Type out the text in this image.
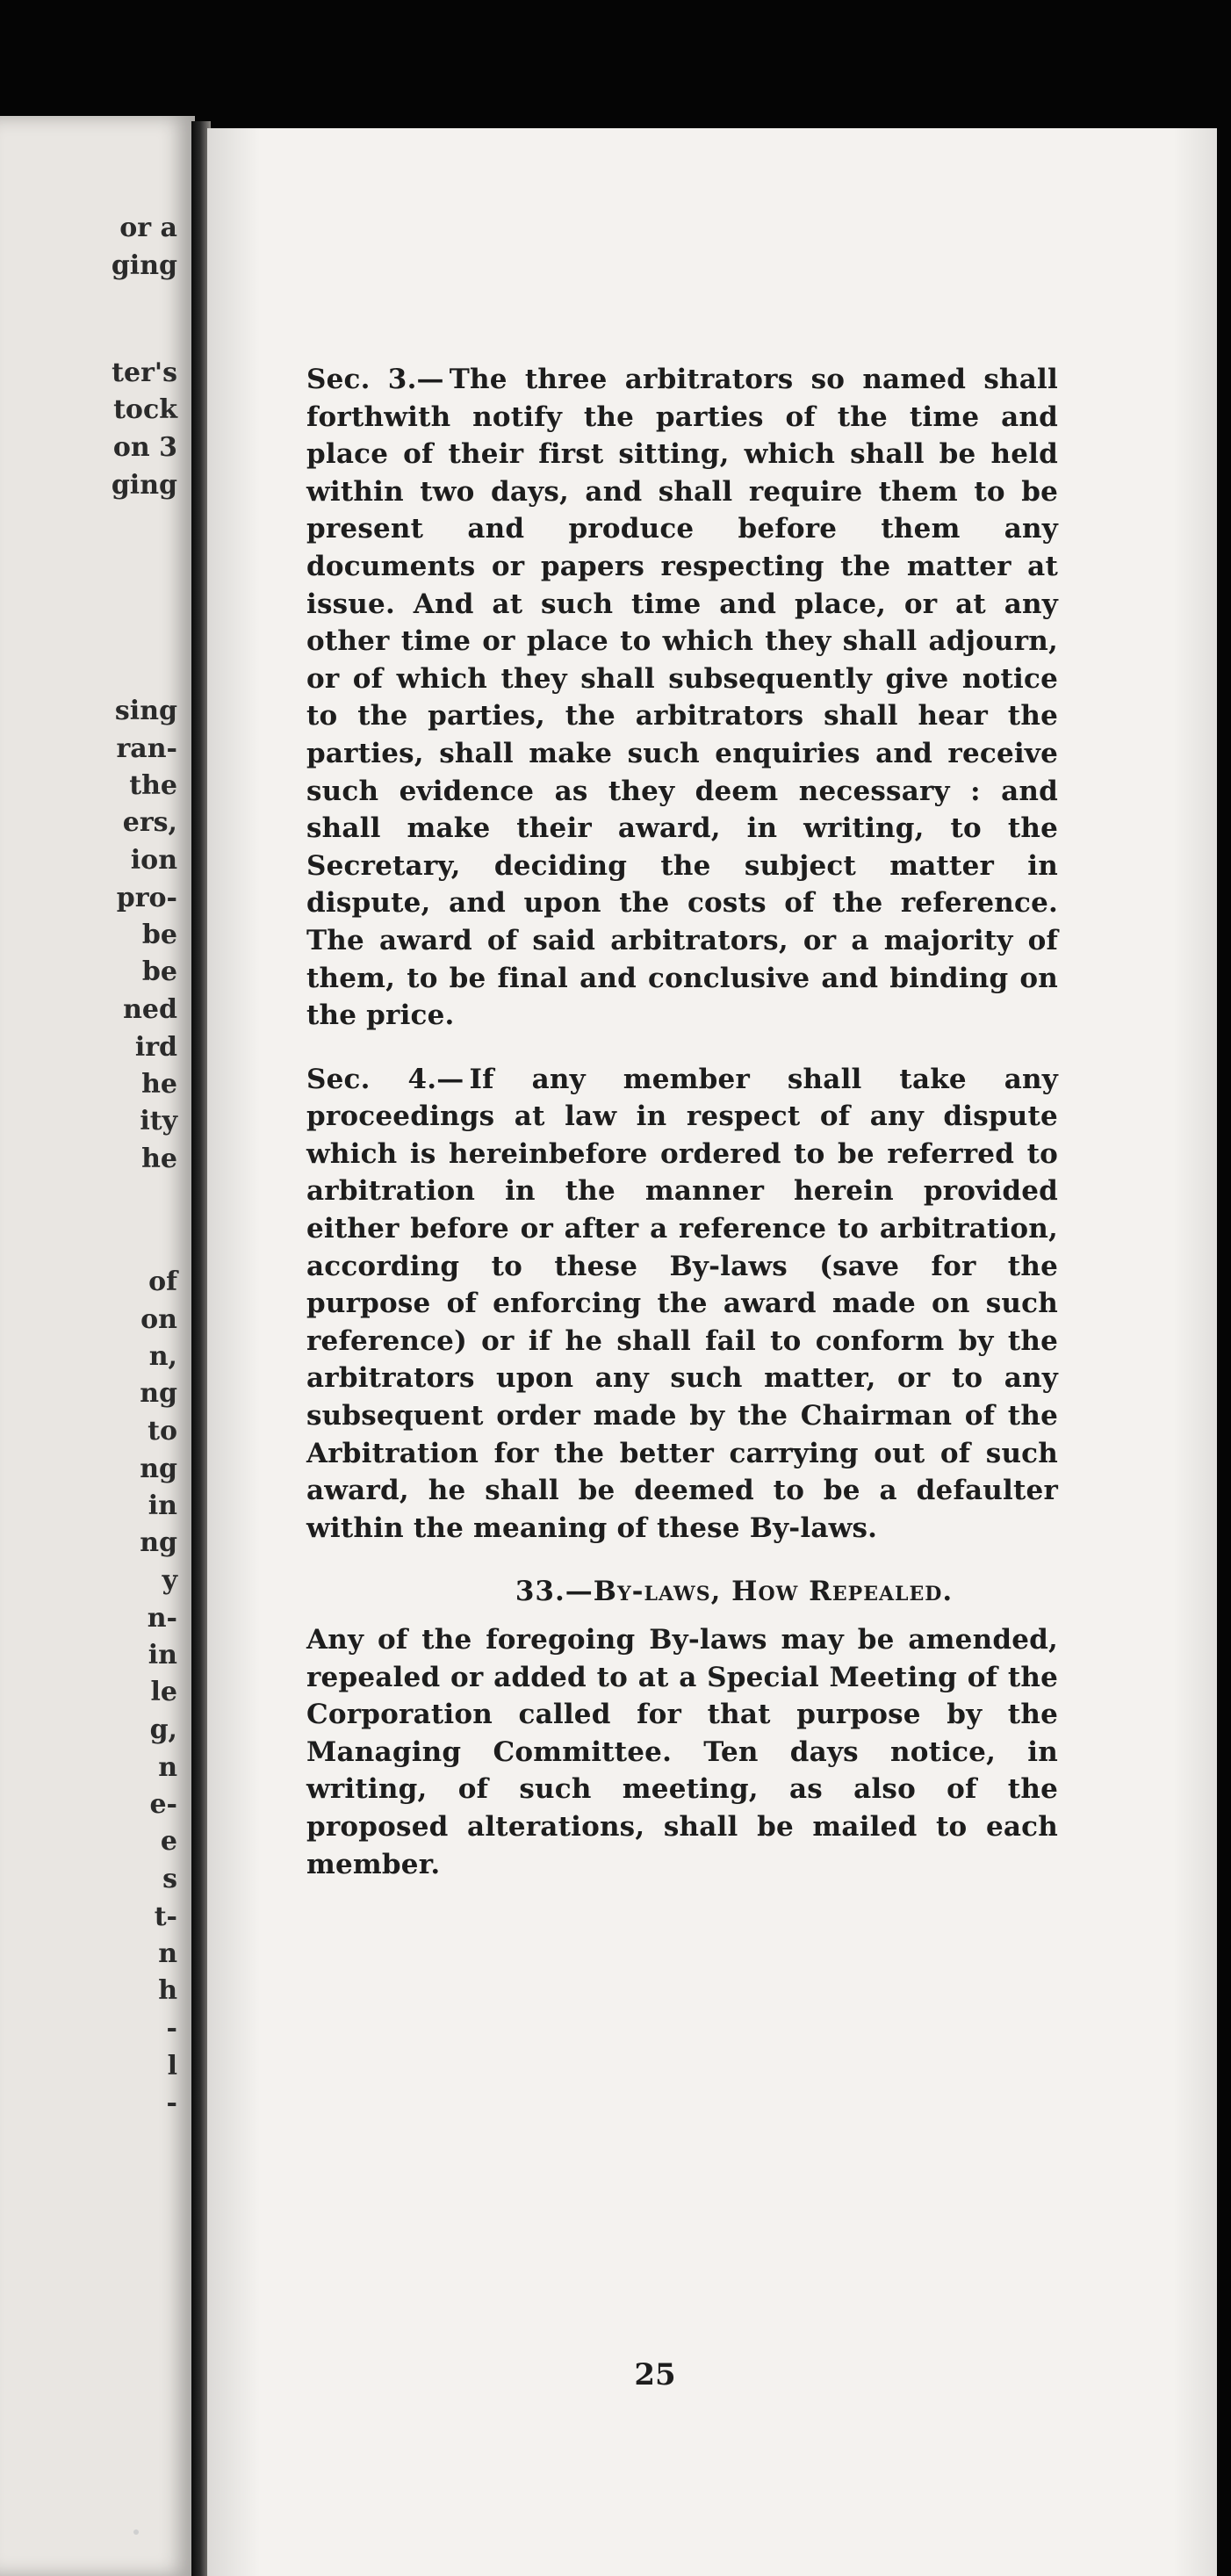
or a
ging
ter's
tock
on 3
ging
sing
ran-
the
ers,
ion
pro-
be
be
ned
ird
he
ity
he
of
on
n,
ng
to
ng
in
ng
y
n-
in
le
g,
n
e-
e
s
t-
n
h
-
l
-

Sec. 3.— The three arbitrators so named shall forthwith notify the parties of the time and place of their first sitting, which shall be held within two days, and shall require them to be present and produce before them any documents or papers respecting the matter at issue. And at such time and place, or at any other time or place to which they shall adjourn, or of which they shall subsequently give notice to the parties, the arbitrators shall hear the parties, shall make such enquiries and receive such evidence as they deem necessary : and shall make their award, in writing, to the Secretary, deciding the subject matter in dispute, and upon the costs of the reference. The award of said arbitrators, or a majority of them, to be final and conclusive and binding on the price.

Sec. 4.— If any member shall take any proceedings at law in respect of any dispute which is hereinbefore ordered to be referred to arbitration in the manner herein provided either before or after a reference to arbitration, according to these By-laws (save for the purpose of enforcing the award made on such reference) or if he shall fail to conform by the arbitrators upon any such matter, or to any subsequent order made by the Chairman of the Arbitration for the better carrying out of such award, he shall be deemed to be a defaulter within the meaning of these By-laws.

33.—By-laws, How Repealed.

Any of the foregoing By-laws may be amended, repealed or added to at a Special Meeting of the Corporation called for that purpose by the Managing Committee. Ten days notice, in writing, of such meeting, as also of the proposed alterations, shall be mailed to each member.

25
